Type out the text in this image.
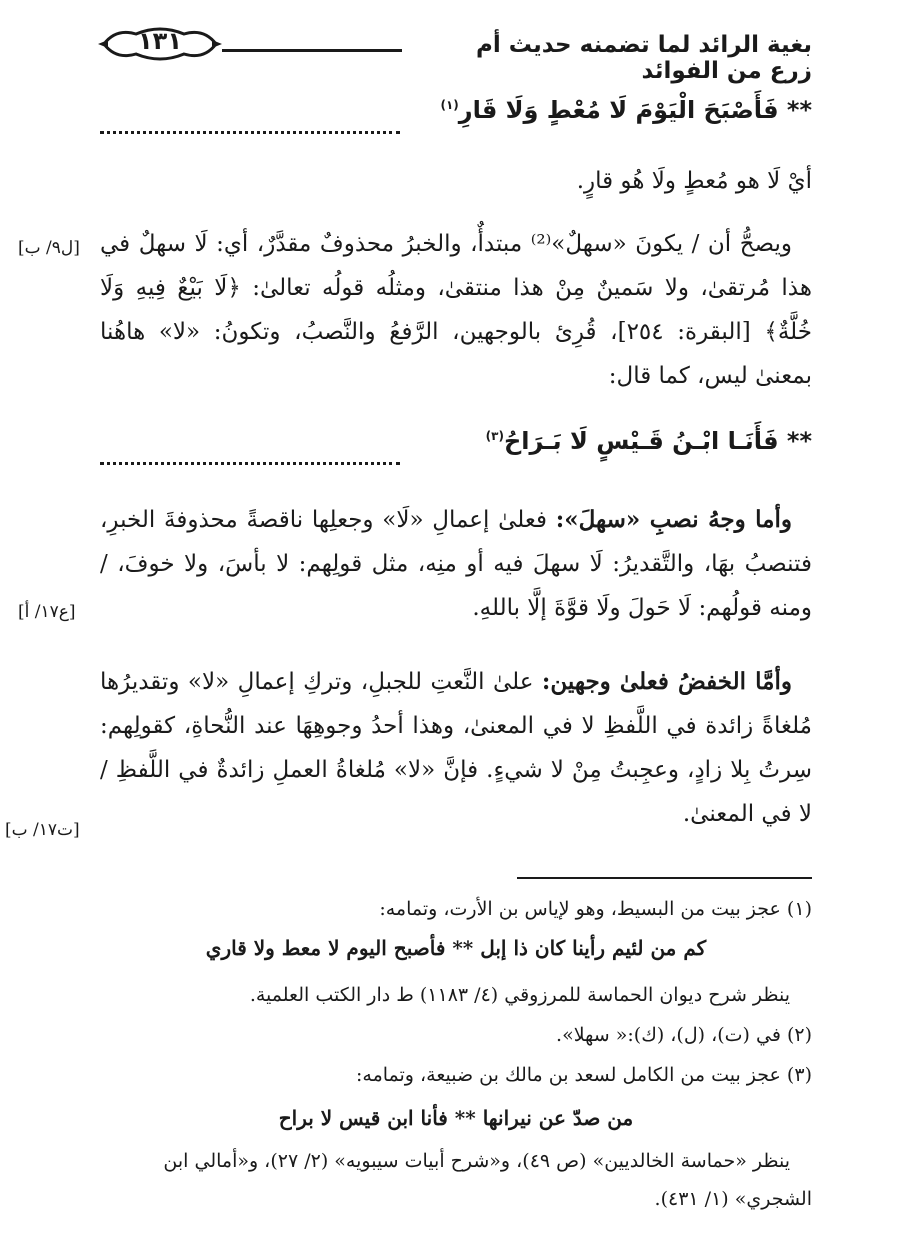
بغية الرائد لما تضمنه حديث أم زرع من الفوائد
١٣١
** فَأَصْبَحَ الْيَوْمَ لَا مُعْطٍ وَلَا قَارِ$^{(١)}$
أيْ لَا هو مُعطٍ ولَا هُو قارٍ.
ويصحُّ أن / يكونَ «سهلٌ»⁽²⁾ مبتدأٌ، والخبرُ محذوفٌ مقدَّرٌ، أي: لَا سهلٌ في هذا مُرتقىٰ، ولا سَمينٌ مِنْ هذا منتقىٰ، ومثلُه قولُه تعالىٰ: ﴿لَا بَيْعٌ فِيهِ وَلَا خُلَّةٌ﴾ [البقرة: ٢٥٤]، قُرِئ بالوجهين، الرَّفعُ والنَّصبُ، وتكونُ: «لا» هاهُنا بمعنىٰ ليس، كما قال:
** فَأَنَـا ابْـنُ قَـيْسٍ لَا بَـرَاحُ$^{(٣)}$
وأما وجهُ نصبِ «سهلَ»: فعلىٰ إعمالِ «لَا» وجعلِها ناقصةً محذوفةَ الخبرِ، فتنصبُ بهَا، والتَّقديرُ: لَا سهلَ فيه أو منِه، مثل قولِهم: لا بأسَ، ولا خوفَ، / ومنه قولُهم: لَا حَولَ ولَا قوَّةَ إلَّا باللهِ.
وأمَّا الخفضُ فعلىٰ وجهين: علىٰ النَّعتِ للجبلِ، وتركِ إعمالِ «لا» وتقديرُها مُلغاةً زائدة في اللَّفظِ لا في المعنىٰ، وهذا أحدُ وجوهِهَا عند النُّحاةِ، كقولِهم: سِرتُ بِلا زادٍ، وعجِبتُ مِنْ لا شيءٍ. فإنَّ «لا» مُلغاةُ العملِ زائدةٌ في اللَّفظِ / لا في المعنىٰ.
[ل٩/ ب]
[ع١٧/ أ]
[ت١٧/ ب]
(١) عجز بيت من البسيط، وهو لإياس بن الأرت، وتمامه:
كم من لئيم رأينا كان ذا إبل ** فأصبح اليوم لا معط ولا قاري
ينظر شرح ديوان الحماسة للمرزوقي (٤/ ١١٨٣) ط دار الكتب العلمية.
(٢) في (ت)، (ل)، (ك):« سهلا».
(٣) عجز بيت من الكامل لسعد بن مالك بن ضبيعة، وتمامه:
من صدّ عن نيرانها ** فأنا ابن قيس لا براح
ينظر «حماسة الخالديين» (ص ٤٩)، و«شرح أبيات سيبويه» (٢/ ٢٧)، و«أمالي ابن
الشجري» (١/ ٤٣١).
